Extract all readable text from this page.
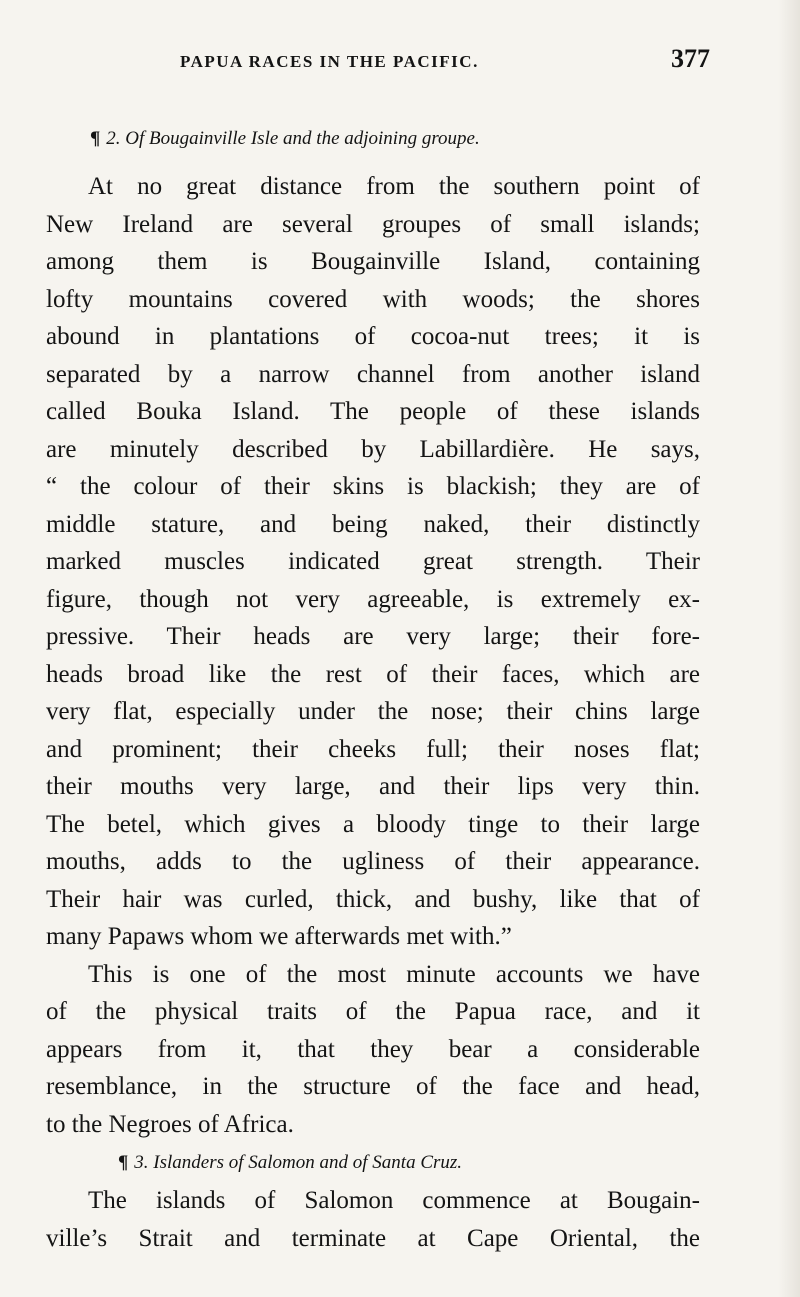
PAPUA RACES IN THE PACIFIC.	377
¶ 2. Of Bougainville Isle and the adjoining groupe.
At no great distance from the southern point of
New Ireland are several groupes of small islands;
among them is Bougainville Island, containing
lofty mountains covered with woods; the shores
abound in plantations of cocoa-nut trees; it is
separated by a narrow channel from another island
called Bouka Island. The people of these islands
are minutely described by Labillardière. He says,
“ the colour of their skins is blackish; they are of
middle stature, and being naked, their distinctly
marked muscles indicated great strength. Their
figure, though not very agreeable, is extremely ex-
pressive. Their heads are very large; their fore-
heads broad like the rest of their faces, which are
very flat, especially under the nose; their chins large
and prominent; their cheeks full; their noses flat;
their mouths very large, and their lips very thin.
The betel, which gives a bloody tinge to their large
mouths, adds to the ugliness of their appearance.
Their hair was curled, thick, and bushy, like that of
many Papaws whom we afterwards met with.”
This is one of the most minute accounts we have
of the physical traits of the Papua race, and it
appears from it, that they bear a considerable
resemblance, in the structure of the face and head,
to the Negroes of Africa.
¶ 3. Islanders of Salomon and of Santa Cruz.
The islands of Salomon commence at Bougain-
ville’s Strait and terminate at Cape Oriental, the
